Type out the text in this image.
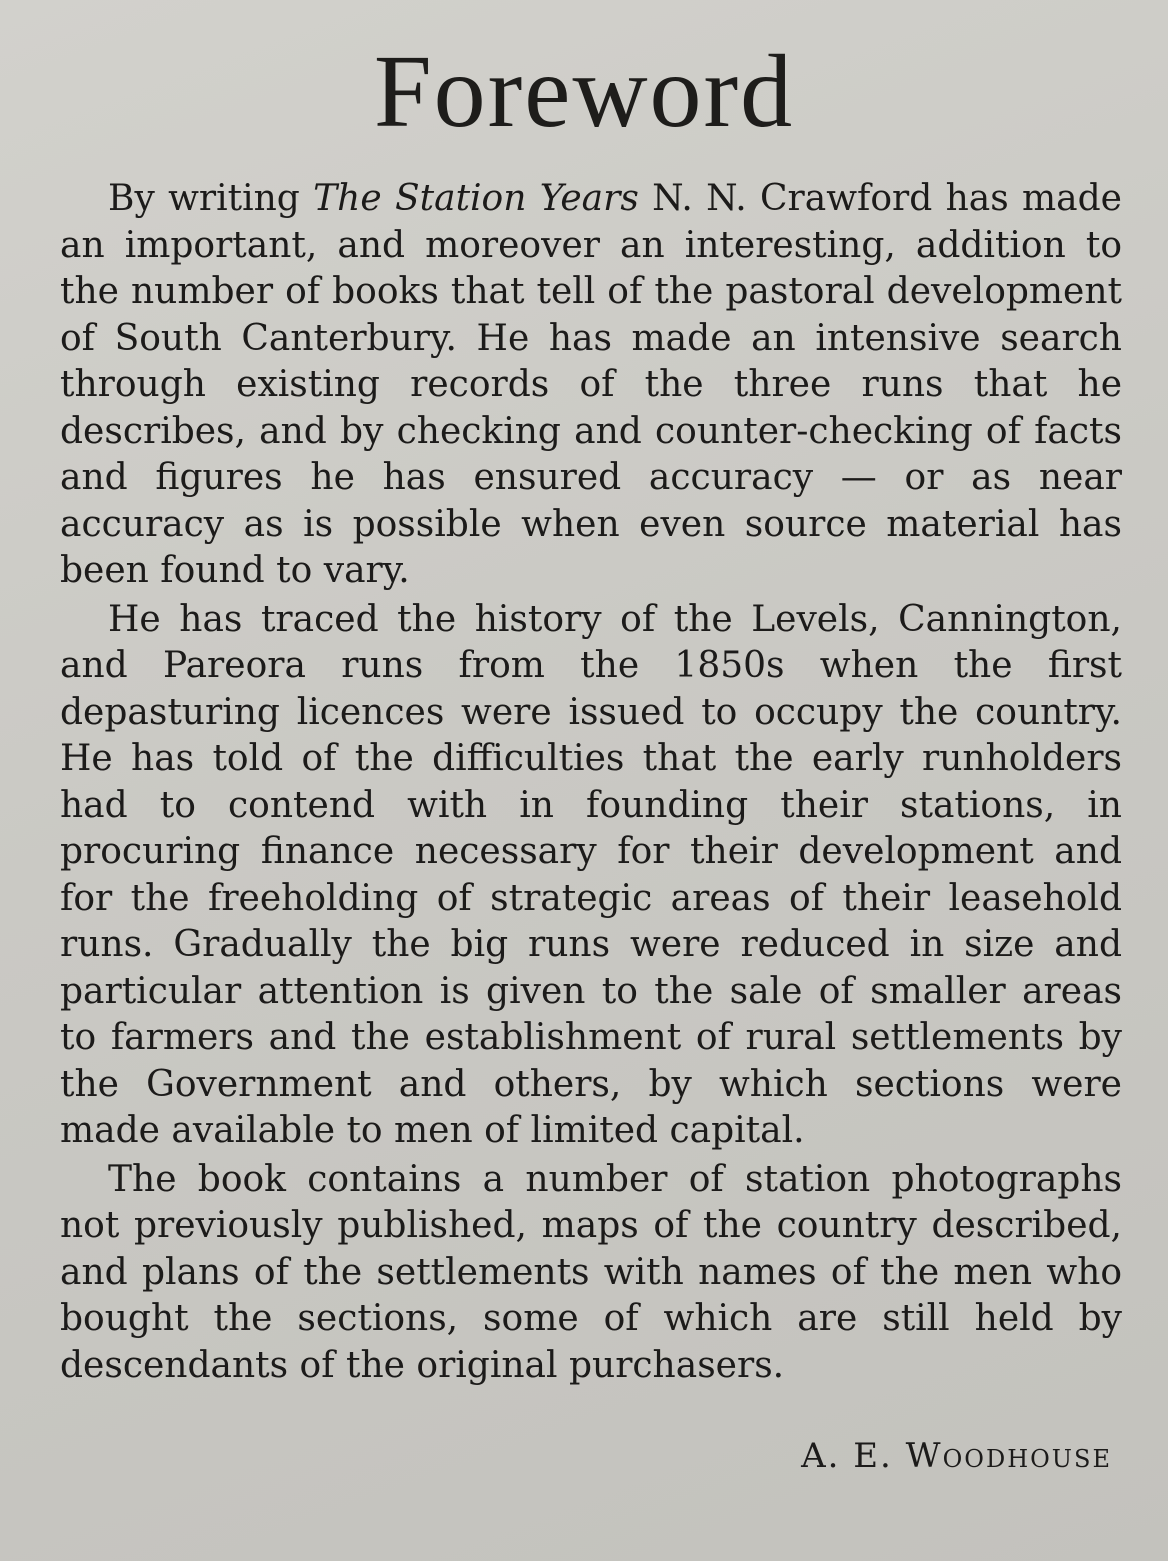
Foreword

By writing The Station Years N. N. Crawford has made an important, and moreover an interesting, addition to the number of books that tell of the pastoral development of South Canterbury. He has made an intensive search through existing records of the three runs that he describes, and by checking and counter-checking of facts and figures he has ensured accuracy — or as near accuracy as is possible when even source material has been found to vary.

He has traced the history of the Levels, Cannington, and Pareora runs from the 1850s when the first depasturing licences were issued to occupy the country. He has told of the difficulties that the early runholders had to contend with in founding their stations, in procuring finance necessary for their development and for the freeholding of strategic areas of their leasehold runs. Gradually the big runs were reduced in size and particular attention is given to the sale of smaller areas to farmers and the establishment of rural settlements by the Government and others, by which sections were made available to men of limited capital.

The book contains a number of station photographs not previously published, maps of the country described, and plans of the settlements with names of the men who bought the sections, some of which are still held by descendants of the original purchasers.

A. E. Woodhouse
